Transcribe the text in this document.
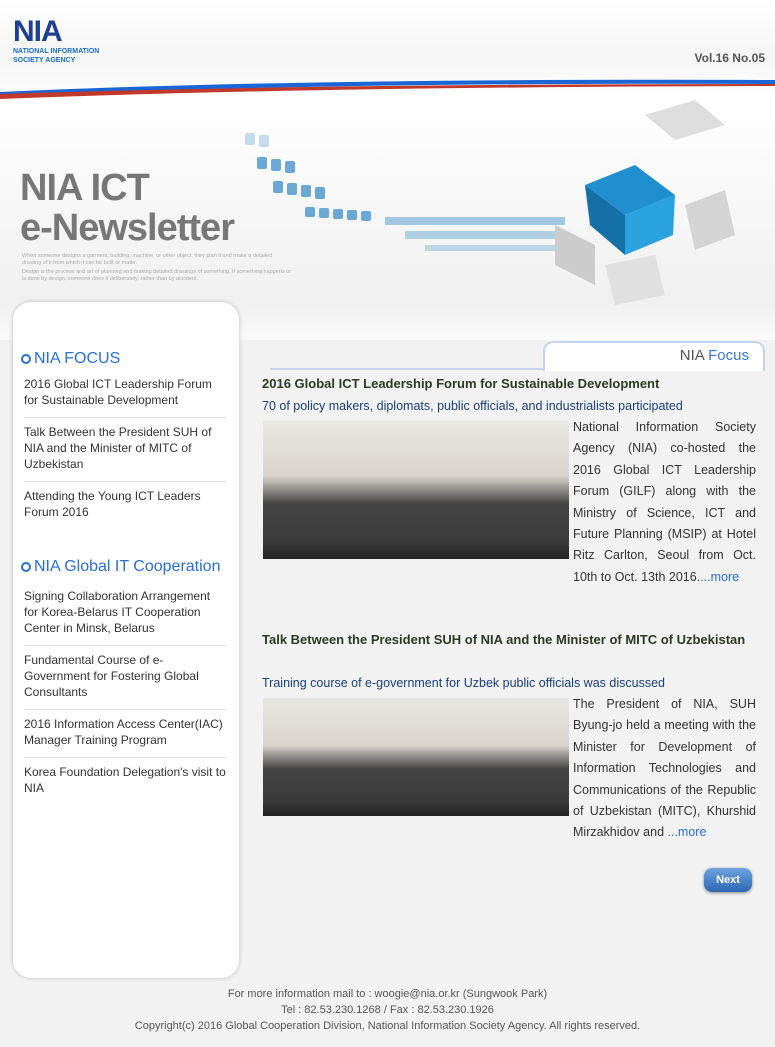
NIA
NATIONAL INFORMATION
SOCIETY AGENCY	Vol.16 No.05
NIA ICT
e-Newsletter

When someone designs a garment, building, machine, or other object, they plan it and make a detailed drawing of it from which it can be built or made.

Design is the process and art of planning and making detailed drawings of something. If something happens or is done by design, someone does it deliberately, rather than by accident.

NIA FOCUS
2016 Global ICT Leadership Forum for Sustainable Development
Talk Between the President SUH of NIA and the Minister of MITC of Uzbekistan
Attending the Young ICT Leaders Forum 2016
NIA Global IT Cooperation
Signing Collaboration Arrangement for Korea-Belarus IT Cooperation Center in Minsk, Belarus
Fundamental Course of e-Government for Fostering Global Consultants
2016 Information Access Center(IAC) Manager Training Program
Korea Foundation Delegation's visit to NIA
NIA Focus
2016 Global ICT Leadership Forum for Sustainable Development
70 of policy makers, diplomats, public officials, and industrialists participated
National Information Society Agency (NIA) co-hosted the 2016 Global ICT Leadership Forum (GILF) along with the Ministry of Science, ICT and Future Planning (MSIP) at Hotel Ritz Carlton, Seoul from Oct. 10th to Oct. 13th 2016....more
Talk Between the President SUH of NIA and the Minister of MITC of Uzbekistan
Training course of e-government for Uzbek public officials was discussed
The President of NIA, SUH Byung-jo held a meeting with the Minister for Development of Information Technologies and Communications of the Republic of Uzbekistan (MITC), Khurshid Mirzakhidov and ...more
Next
For more information mail to : woogie@nia.or.kr (Sungwook Park)
Tel : 82.53.230.1268 / Fax : 82.53.230.1926
Copyright(c) 2016 Global Cooperation Division, National Information Society Agency. All rights reserved.
